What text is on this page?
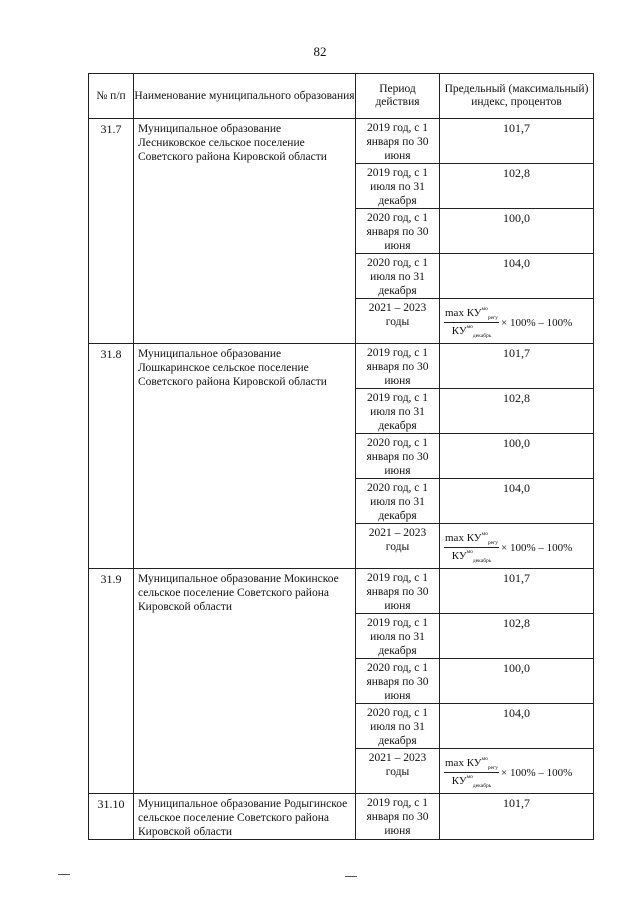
82
№ п/п	Наименование муниципального образования	Период действия	Предельный (максимальный) индекс, процентов
31.7	Муниципальное образование Лесниковское сельское поселение Советского района Кировской области	2019 год, с 1 января по 30 июня	101,7
		2019 год, с 1 июля по 31 декабря	102,8
		2020 год, с 1 января по 30 июня	100,0
		2020 год, с 1 июля по 31 декабря	104,0
		2021 – 2023 годы	$\frac{\max КУ^{мо}_{регу}}{КУ^{мо}_{декабрь}} \times 100\% - 100\%$

31.8	Муниципальное образование Лошкаринское сельское поселение Советского района Кировской области	2019 год, с 1 января по 30 июня	101,7
		2019 год, с 1 июля по 31 декабря	102,8
		2020 год, с 1 января по 30 июня	100,0
		2020 год, с 1 июля по 31 декабря	104,0
		2021 – 2023 годы	$\frac{\max КУ^{мо}_{регу}}{КУ^{мо}_{декабрь}} \times 100\% - 100\%$

31.9	Муниципальное образование Мокинское сельское поселение Советского района Кировской области	2019 год, с 1 января по 30 июня	101,7
		2019 год, с 1 июля по 31 декабря	102,8
		2020 год, с 1 января по 30 июня	100,0
		2020 год, с 1 июля по 31 декабря	104,0
		2021 – 2023 годы	$\frac{\max КУ^{мо}_{регу}}{КУ^{мо}_{декабрь}} \times 100\% - 100\%$

31.10	Муниципальное образование Родыгинское сельское поселение Советского района Кировской области	2019 год, с 1 января по 30 июня	101,7
